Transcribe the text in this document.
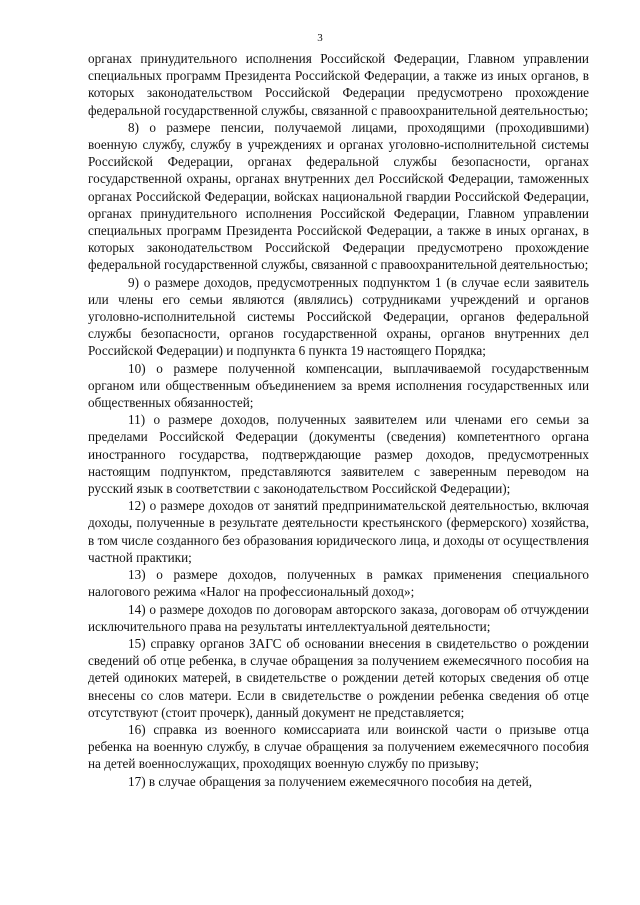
3

органах принудительного исполнения Российской Федерации, Главном управлении специальных программ Президента Российской Федерации, а также из иных органов, в которых законодательством Российской Федерации предусмотрено прохождение федеральной государственной службы, связанной с правоохранительной деятельностью;

8) о размере пенсии, получаемой лицами, проходящими (проходившими) военную службу, службу в учреждениях и органах уголовно-исполнительной системы Российской Федерации, органах федеральной службы безопасности, органах государственной охраны, органах внутренних дел Российской Федерации, таможенных органах Российской Федерации, войсках национальной гвардии Российской Федерации, органах принудительного исполнения Российской Федерации, Главном управлении специальных программ Президента Российской Федерации, а также в иных органах, в которых законодательством Российской Федерации предусмотрено прохождение федеральной государственной службы, связанной с правоохранительной деятельностью;

9) о размере доходов, предусмотренных подпунктом 1 (в случае если заявитель или члены его семьи являются (являлись) сотрудниками учреждений и органов уголовно-исполнительной системы Российской Федерации, органов федеральной службы безопасности, органов государственной охраны, органов внутренних дел Российской Федерации) и подпункта 6 пункта 19 настоящего Порядка;

10) о размере полученной компенсации, выплачиваемой государственным органом или общественным объединением за время исполнения государственных или общественных обязанностей;

11) о размере доходов, полученных заявителем или членами его семьи за пределами Российской Федерации (документы (сведения) компетентного органа иностранного государства, подтверждающие размер доходов, предусмотренных настоящим подпунктом, представляются заявителем с заверенным переводом на русский язык в соответствии с законодательством Российской Федерации);

12) о размере доходов от занятий предпринимательской деятельностью, включая доходы, полученные в результате деятельности крестьянского (фермерского) хозяйства, в том числе созданного без образования юридического лица, и доходы от осуществления частной практики;

13) о размере доходов, полученных в рамках применения специального налогового режима «Налог на профессиональный доход»;

14) о размере доходов по договорам авторского заказа, договорам об отчуждении исключительного права на результаты интеллектуальной деятельности;

15) справку органов ЗАГС об основании внесения в свидетельство о рождении сведений об отце ребенка, в случае обращения за получением ежемесячного пособия на детей одиноких матерей, в свидетельстве о рождении детей которых сведения об отце внесены со слов матери. Если в свидетельстве о рождении ребенка сведения об отце отсутствуют (стоит прочерк), данный документ не представляется;

16) справка из военного комиссариата или воинской части о призыве отца ребенка на военную службу, в случае обращения за получением ежемесячного пособия на детей военнослужащих, проходящих военную службу по призыву;

17) в случае обращения за получением ежемесячного пособия на детей,
